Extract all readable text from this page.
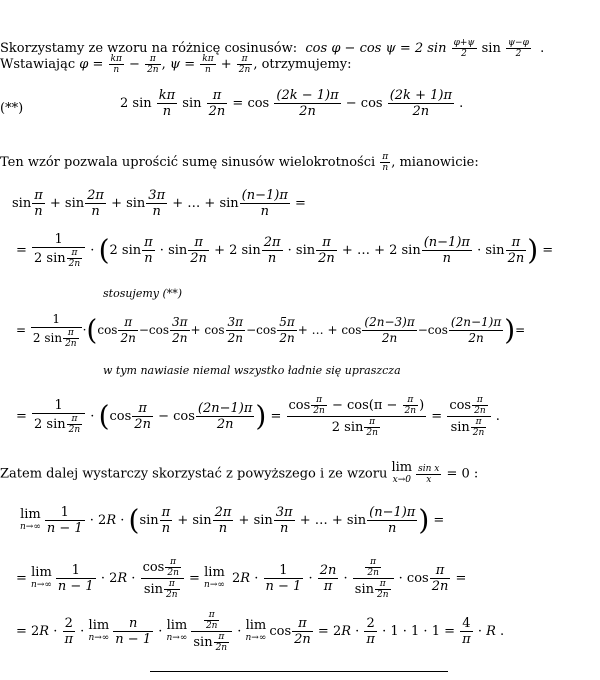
Skorzystamy ze wzoru na różnicę cosinusów: cos φ − cos ψ = 2 $\sin \frac{\varphi+\psi}{2}$ $\sin \frac{\psi-\varphi}{2}$ .
Wstawiając $\varphi = \frac{k\pi}{n} - \frac{\pi}{2n}$ , $\psi = \frac{k\pi}{n} + \frac{\pi}{2n}$ , otrzymujemy:
(**)	2 $\sin \frac{k\pi}{n}$ $\sin \frac{\pi}{2n} = \cos \frac{(2k - 1)\pi}{2n} - \cos \frac{(2k + 1)\pi}{2n}$ .
Ten wzór pozwala uprościć sumę sinusów wielokrotności $\frac{\pi}{n}$ , mianowicie:
$\sin \frac{\pi}{n} + \sin \frac{2\pi}{n} + \sin \frac{3\pi}{n}$ + … + $\sin \frac{(n-1)\pi}{n}$ =
= $\frac{1}{2 \sin \frac{\pi}{2n}} \cdot (2$ $\sin \frac{\pi}{n} \cdot \sin \frac{\pi}{2n} + 2$ $\sin \frac{2\pi}{n} \cdot \sin \frac{\pi}{2n}$ + … + 2 $\sin \frac{(n-1)\pi}{n} \cdot \sin \frac{\pi}{2n}$ ) =
stosujemy (**)
= $\frac{1}{2 \sin \frac{\pi}{2n}} \cdot(\cos \frac{\pi}{2n} -\cos \frac{3\pi}{2n} + \cos \frac{3\pi}{2n} -\cos \frac{5\pi}{2n}$ + … + $\cos \frac{(2n-3)\pi}{2n} -\cos \frac{(2n-1)\pi}{2n}$ )=
w tym nawiasie niemal wszystko ładnie się upraszcza
= $\frac{1}{2 \sin \frac{\pi}{2n}} \cdot (\cos \frac{\pi}{2n} - \cos \frac{(2n-1)\pi}{2n}$ ) = $\frac{\cos \frac{\pi}{2n} - \cos(\pi - \frac{\pi}{2n} )}{2 \sin \frac{\pi}{2n}} = \frac{\cos \frac{\pi}{2n}}{\sin \frac{\pi}{2n}}$ .
Zatem dalej wystarczy skorzystać z powyższego i ze wzoru lim
$x\to 0 \frac{\text{sin x}}{x} = 0$ :
lim
$n\to\infty \frac{1}{n - 1} \cdot 2R \cdot (\sin \frac{\pi}{n} + \sin \frac{2\pi}{n} + \sin \frac{3\pi}{n}$ + … + $\sin \frac{(n-1)\pi}{n}$ ) =
= lim
$n\to\infty \frac{1}{n - 1} \cdot 2R \cdot \frac{\cos \frac{\pi}{2n}}{\sin \frac{\pi}{2n}} = \lim$
n→∞ $2R \cdot \frac{1}{n - 1} \cdot \frac{2n}{\pi} \cdot \frac{\frac{\pi}{2n}}{\sin \frac{\pi}{2n}} \cdot \cos \frac{\pi}{2n}$ =
= $2R \cdot \frac{2}{\pi} \cdot \lim$
$n\to\infty \frac{n}{n - 1} \cdot \lim$
$n\to\infty \frac{\frac{\pi}{2n}}{\sin \frac{\pi}{2n}} \cdot \lim$
n→∞ $\cos \frac{\pi}{2n} = 2R \cdot \frac{2}{\pi} \cdot 1 \cdot 1 \cdot 1 = \frac{4}{\pi} \cdot R$ .
